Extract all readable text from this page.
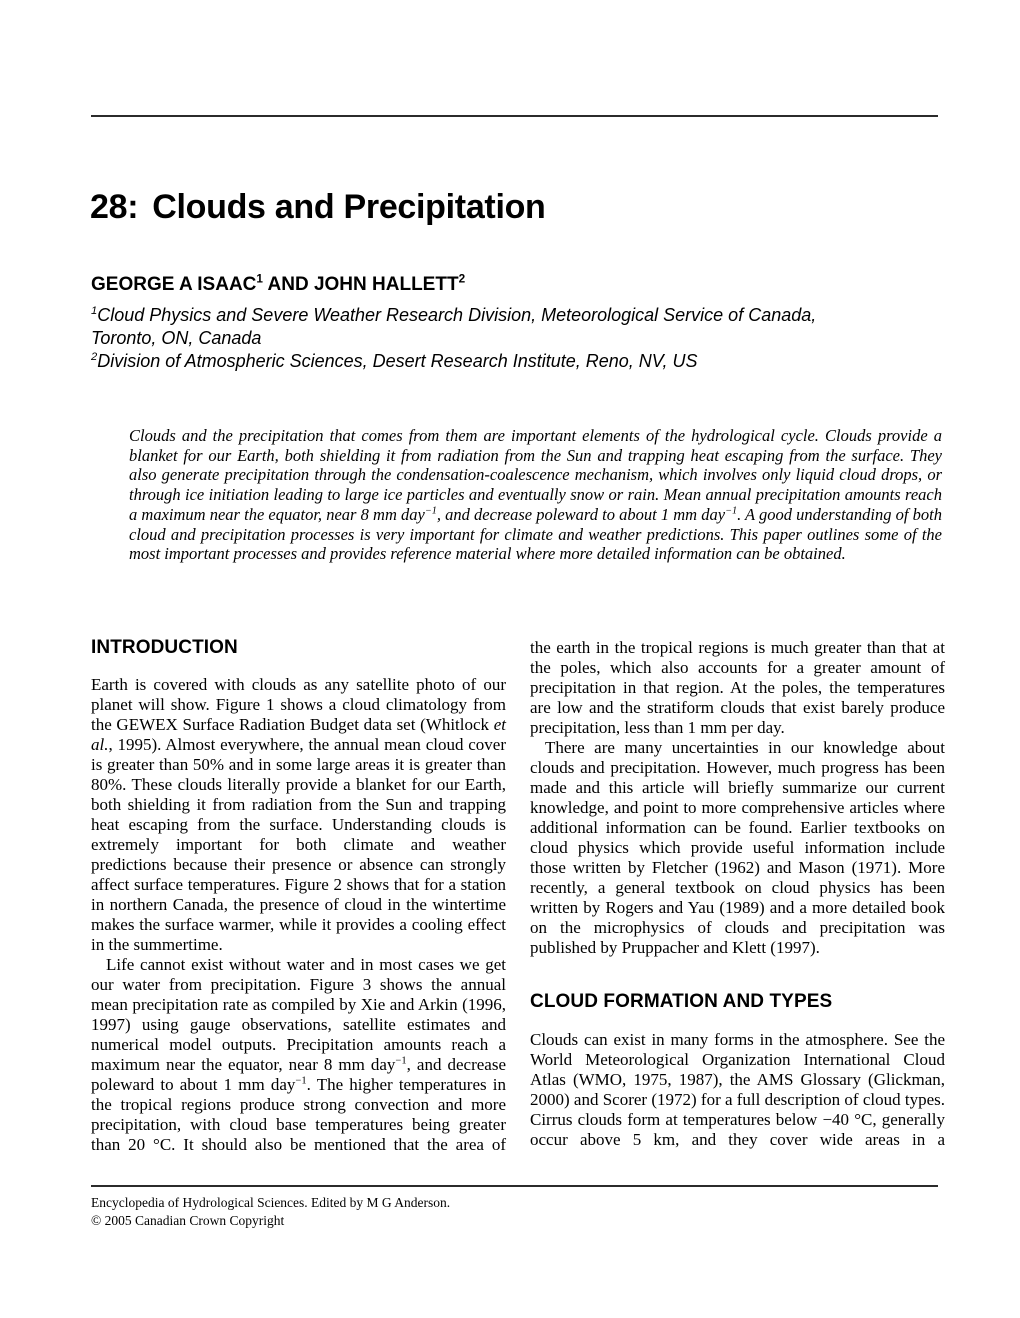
28: Clouds and Precipitation
GEORGE A ISAAC$^1$ AND JOHN HALLETT$^2$
$^1$Cloud Physics and Severe Weather Research Division, Meteorological Service of Canada,
Toronto, ON, Canada
$^2$Division of Atmospheric Sciences, Desert Research Institute, Reno, NV, US

Clouds and the precipitation that comes from them are important elements of the hydrological cycle. Clouds provide a blanket for our Earth, both shielding it from radiation from the Sun and trapping heat escaping from the surface. They also generate precipitation through the condensation-coalescence mechanism, which involves only liquid cloud drops, or through ice initiation leading to large ice particles and eventually snow or rain. Mean annual precipitation amounts reach a maximum near the equator, near 8 mm day$^{-1}$, and decrease poleward to about 1 mm day$^{-1}$. A good understanding of both cloud and precipitation processes is very important for climate and weather predictions. This paper outlines some of the most important processes and provides reference material where more detailed information can be obtained.

INTRODUCTION

Earth is covered with clouds as any satellite photo of our planet will show. Figure 1 shows a cloud climatology from the GEWEX Surface Radiation Budget data set (Whitlock et al., 1995). Almost everywhere, the annual mean cloud cover is greater than 50% and in some large areas it is greater than 80%. These clouds literally provide a blanket for our Earth, both shielding it from radiation from the Sun and trapping heat escaping from the surface. Understanding clouds is extremely important for both climate and weather predictions because their presence or absence can strongly affect surface temperatures. Figure 2 shows that for a station in northern Canada, the presence of cloud in the wintertime makes the surface warmer, while it provides a cooling effect in the summertime.

Life cannot exist without water and in most cases we get our water from precipitation. Figure 3 shows the annual mean precipitation rate as compiled by Xie and Arkin (1996, 1997) using gauge observations, satellite estimates and numerical model outputs. Precipitation amounts reach a maximum near the equator, near 8 mm day$^{-1}$, and decrease poleward to about 1 mm day$^{-1}$. The higher temperatures in the tropical regions produce strong convection and more precipitation, with cloud base temperatures being greater than 20 °C. It should also be mentioned that the area of

the earth in the tropical regions is much greater than that at the poles, which also accounts for a greater amount of precipitation in that region. At the poles, the temperatures are low and the stratiform clouds that exist barely produce precipitation, less than 1 mm per day.

There are many uncertainties in our knowledge about clouds and precipitation. However, much progress has been made and this article will briefly summarize our current knowledge, and point to more comprehensive articles where additional information can be found. Earlier textbooks on cloud physics which provide useful information include those written by Fletcher (1962) and Mason (1971). More recently, a general textbook on cloud physics has been written by Rogers and Yau (1989) and a more detailed book on the microphysics of clouds and precipitation was published by Pruppacher and Klett (1997).

CLOUD FORMATION AND TYPES

Clouds can exist in many forms in the atmosphere. See the World Meteorological Organization International Cloud Atlas (WMO, 1975, 1987), the AMS Glossary (Glickman, 2000) and Scorer (1972) for a full description of cloud types. Cirrus clouds form at temperatures below −40 °C, generally occur above 5 km, and they cover wide areas in a

Encyclopedia of Hydrological Sciences. Edited by M G Anderson.
© 2005 Canadian Crown Copyright
